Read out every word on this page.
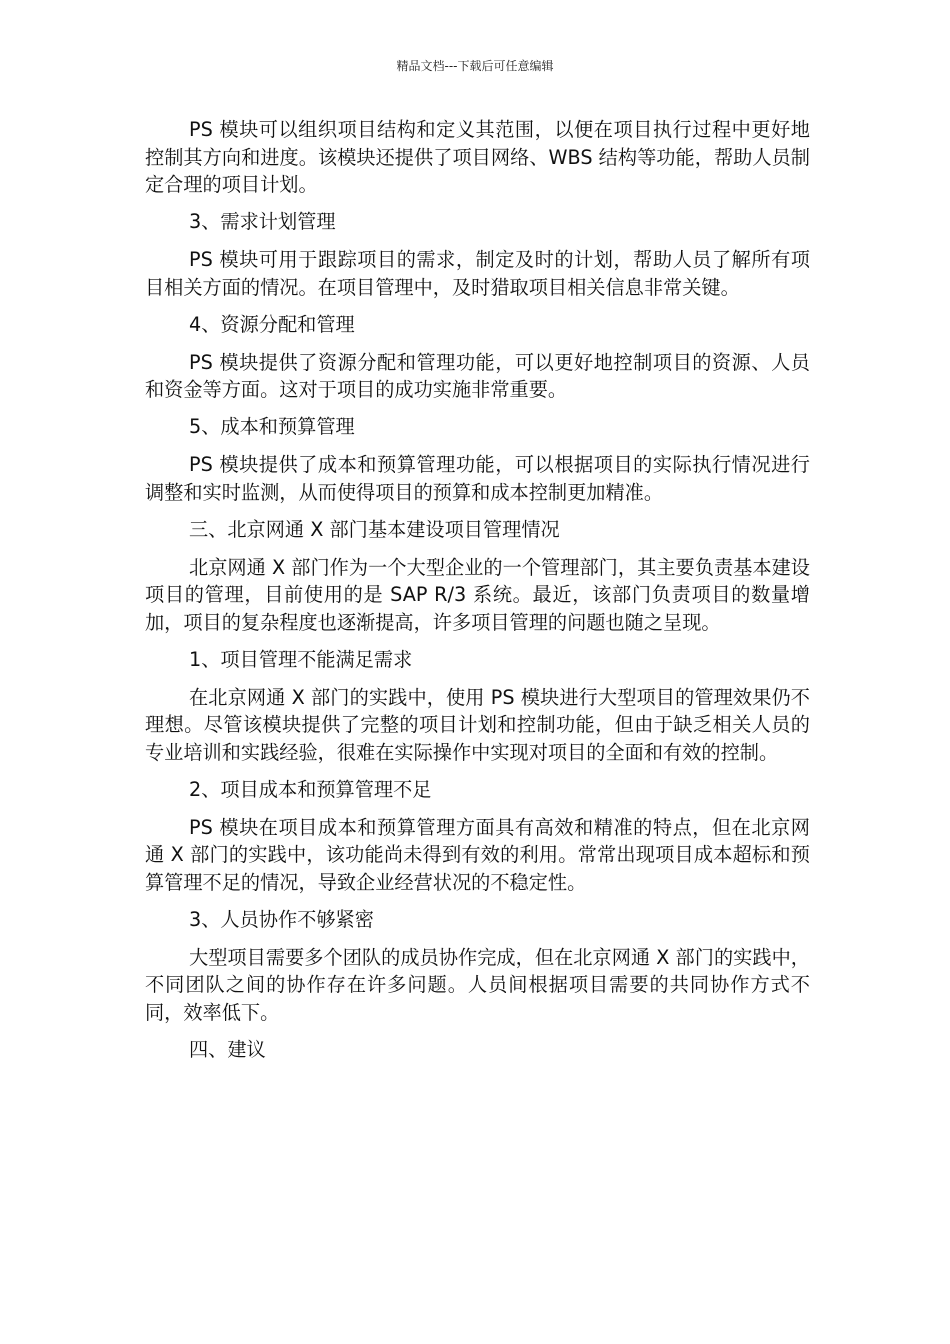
精品文档---下载后可任意编辑

PS 模块可以组织项目结构和定义其范围，以便在项目执行过程中更好地控制其方向和进度。该模块还提供了项目网络、WBS 结构等功能，帮助人员制定合理的项目计划。

3、需求计划管理

PS 模块可用于跟踪项目的需求，制定及时的计划，帮助人员了解所有项目相关方面的情况。在项目管理中，及时猎取项目相关信息非常关键。

4、资源分配和管理

PS 模块提供了资源分配和管理功能，可以更好地控制项目的资源、人员和资金等方面。这对于项目的成功实施非常重要。

5、成本和预算管理

PS 模块提供了成本和预算管理功能，可以根据项目的实际执行情况进行调整和实时监测，从而使得项目的预算和成本控制更加精准。

三、北京网通 X 部门基本建设项目管理情况

北京网通 X 部门作为一个大型企业的一个管理部门，其主要负责基本建设项目的管理，目前使用的是 SAP R/3 系统。最近，该部门负责项目的数量增加，项目的复杂程度也逐渐提高，许多项目管理的问题也随之呈现。

1、项目管理不能满足需求

在北京网通 X 部门的实践中，使用 PS 模块进行大型项目的管理效果仍不理想。尽管该模块提供了完整的项目计划和控制功能，但由于缺乏相关人员的专业培训和实践经验，很难在实际操作中实现对项目的全面和有效的控制。

2、项目成本和预算管理不足

PS 模块在项目成本和预算管理方面具有高效和精准的特点，但在北京网通 X 部门的实践中，该功能尚未得到有效的利用。常常出现项目成本超标和预算管理不足的情况，导致企业经营状况的不稳定性。

3、人员协作不够紧密

大型项目需要多个团队的成员协作完成，但在北京网通 X 部门的实践中，不同团队之间的协作存在许多问题。人员间根据项目需要的共同协作方式不同，效率低下。

四、建议
